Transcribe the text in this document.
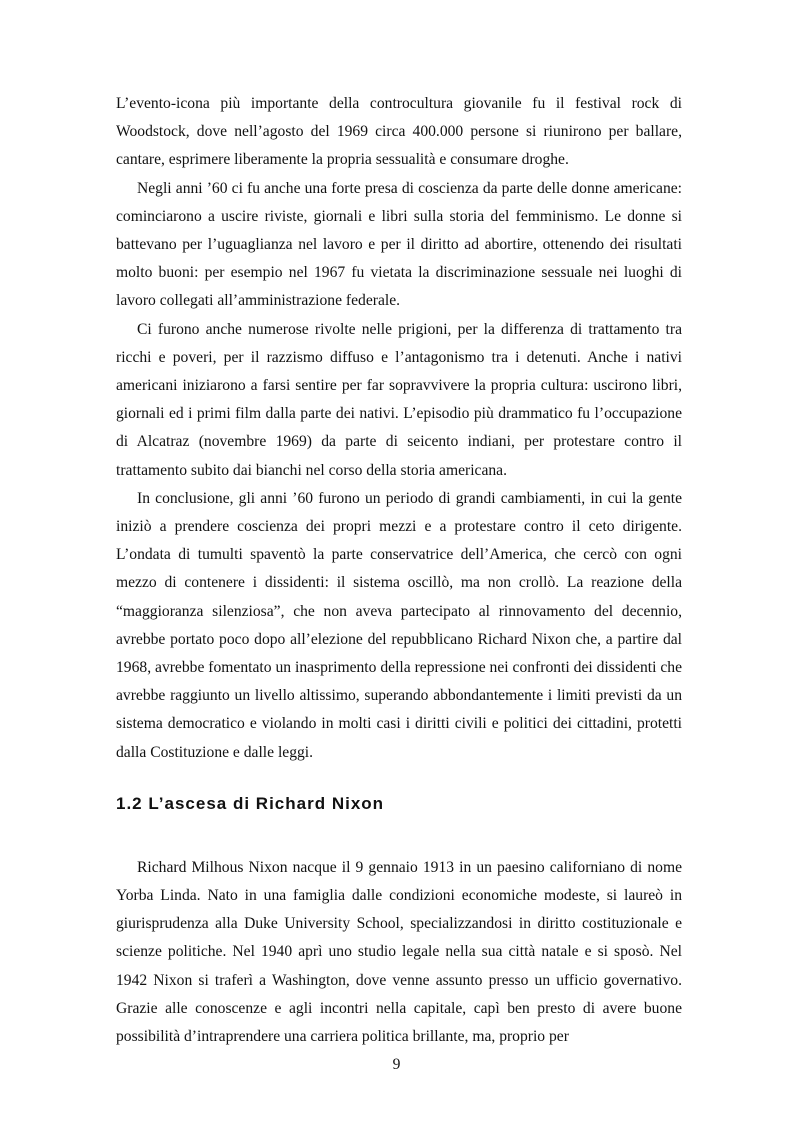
L’evento-icona più importante della controcultura giovanile fu il festival rock di Woodstock, dove nell’agosto del 1969 circa 400.000 persone si riunirono per ballare, cantare, esprimere liberamente la propria sessualità e consumare droghe.

Negli anni ’60 ci fu anche una forte presa di coscienza da parte delle donne americane: cominciarono a uscire riviste, giornali e libri sulla storia del femminismo. Le donne si battevano per l’uguaglianza nel lavoro e per il diritto ad abortire, ottenendo dei risultati molto buoni: per esempio nel 1967 fu vietata la discriminazione sessuale nei luoghi di lavoro collegati all’amministrazione federale.

Ci furono anche numerose rivolte nelle prigioni, per la differenza di trattamento tra ricchi e poveri, per il razzismo diffuso e l’antagonismo tra i detenuti. Anche i nativi americani iniziarono a farsi sentire per far sopravvivere la propria cultura: uscirono libri, giornali ed i primi film dalla parte dei nativi. L’episodio più drammatico fu l’occupazione di Alcatraz (novembre 1969) da parte di seicento indiani, per protestare contro il trattamento subito dai bianchi nel corso della storia americana.

In conclusione, gli anni ’60 furono un periodo di grandi cambiamenti, in cui la gente iniziò a prendere coscienza dei propri mezzi e a protestare contro il ceto dirigente. L’ondata di tumulti spaventò la parte conservatrice dell’America, che cercò con ogni mezzo di contenere i dissidenti: il sistema oscillò, ma non crollò. La reazione della “maggioranza silenziosa”, che non aveva partecipato al rinnovamento del decennio, avrebbe portato poco dopo all’elezione del repubblicano Richard Nixon che, a partire dal 1968, avrebbe fomentato un inasprimento della repressione nei confronti dei dissidenti che avrebbe raggiunto un livello altissimo, superando abbondantemente i limiti previsti da un sistema democratico e violando in molti casi i diritti civili e politici dei cittadini, protetti dalla Costituzione e dalle leggi.

1.2 L’ascesa di Richard Nixon

Richard Milhous Nixon nacque il 9 gennaio 1913 in un paesino californiano di nome Yorba Linda. Nato in una famiglia dalle condizioni economiche modeste, si laureò in giurisprudenza alla Duke University School, specializzandosi in diritto costituzionale e scienze politiche. Nel 1940 aprì uno studio legale nella sua città natale e si sposò. Nel 1942 Nixon si traferì a Washington, dove venne assunto presso un ufficio governativo. Grazie alle conoscenze e agli incontri nella capitale, capì ben presto di avere buone possibilità d’intraprendere una carriera politica brillante, ma, proprio per

9
